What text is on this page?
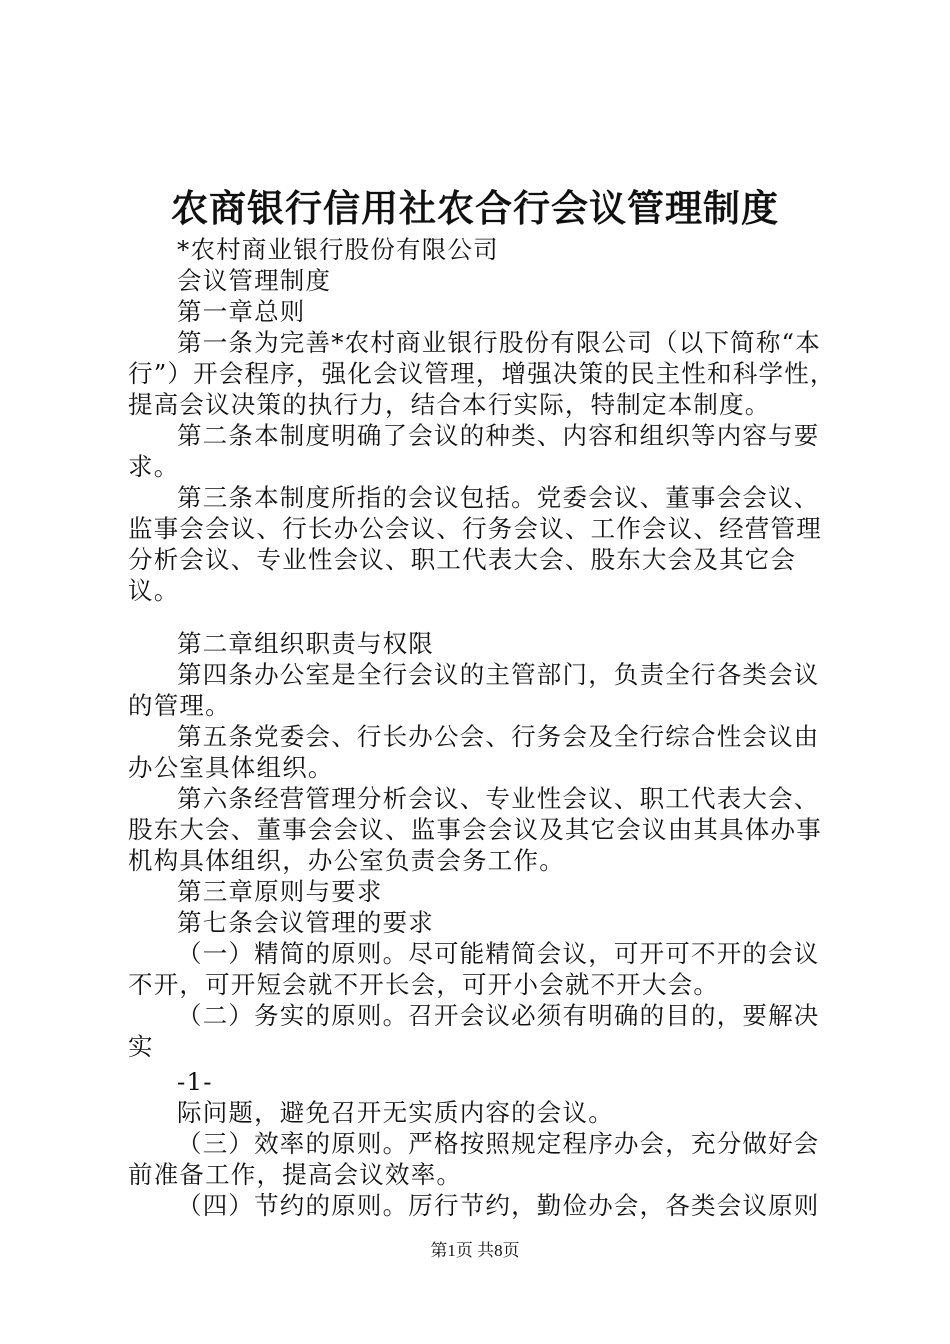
农商银行信用社农合行会议管理制度

*农村商业银行股份有限公司

会议管理制度

第一章总则

第一条为完善*农村商业银行股份有限公司（以下简称“本行”）开会程序，强化会议管理，增强决策的民主性和科学性，提高会议决策的执行力，结合本行实际，特制定本制度。

第二条本制度明确了会议的种类、内容和组织等内容与要求。

第三条本制度所指的会议包括。党委会议、董事会会议、监事会会议、行长办公会议、行务会议、工作会议、经营管理分析会议、专业性会议、职工代表大会、股东大会及其它会议。

第二章组织职责与权限

第四条办公室是全行会议的主管部门，负责全行各类会议的管理。

第五条党委会、行长办公会、行务会及全行综合性会议由办公室具体组织。

第六条经营管理分析会议、专业性会议、职工代表大会、股东大会、董事会会议、监事会会议及其它会议由其具体办事机构具体组织，办公室负责会务工作。

第三章原则与要求

第七条会议管理的要求

（一）精简的原则。尽可能精简会议，可开可不开的会议不开，可开短会就不开长会，可开小会就不开大会。

（二）务实的原则。召开会议必须有明确的目的，要解决实

-1-

际问题，避免召开无实质内容的会议。

（三）效率的原则。严格按照规定程序办会，充分做好会前准备工作，提高会议效率。

（四）节约的原则。厉行节约，勤俭办会，各类会议原则

第1页 共8页
